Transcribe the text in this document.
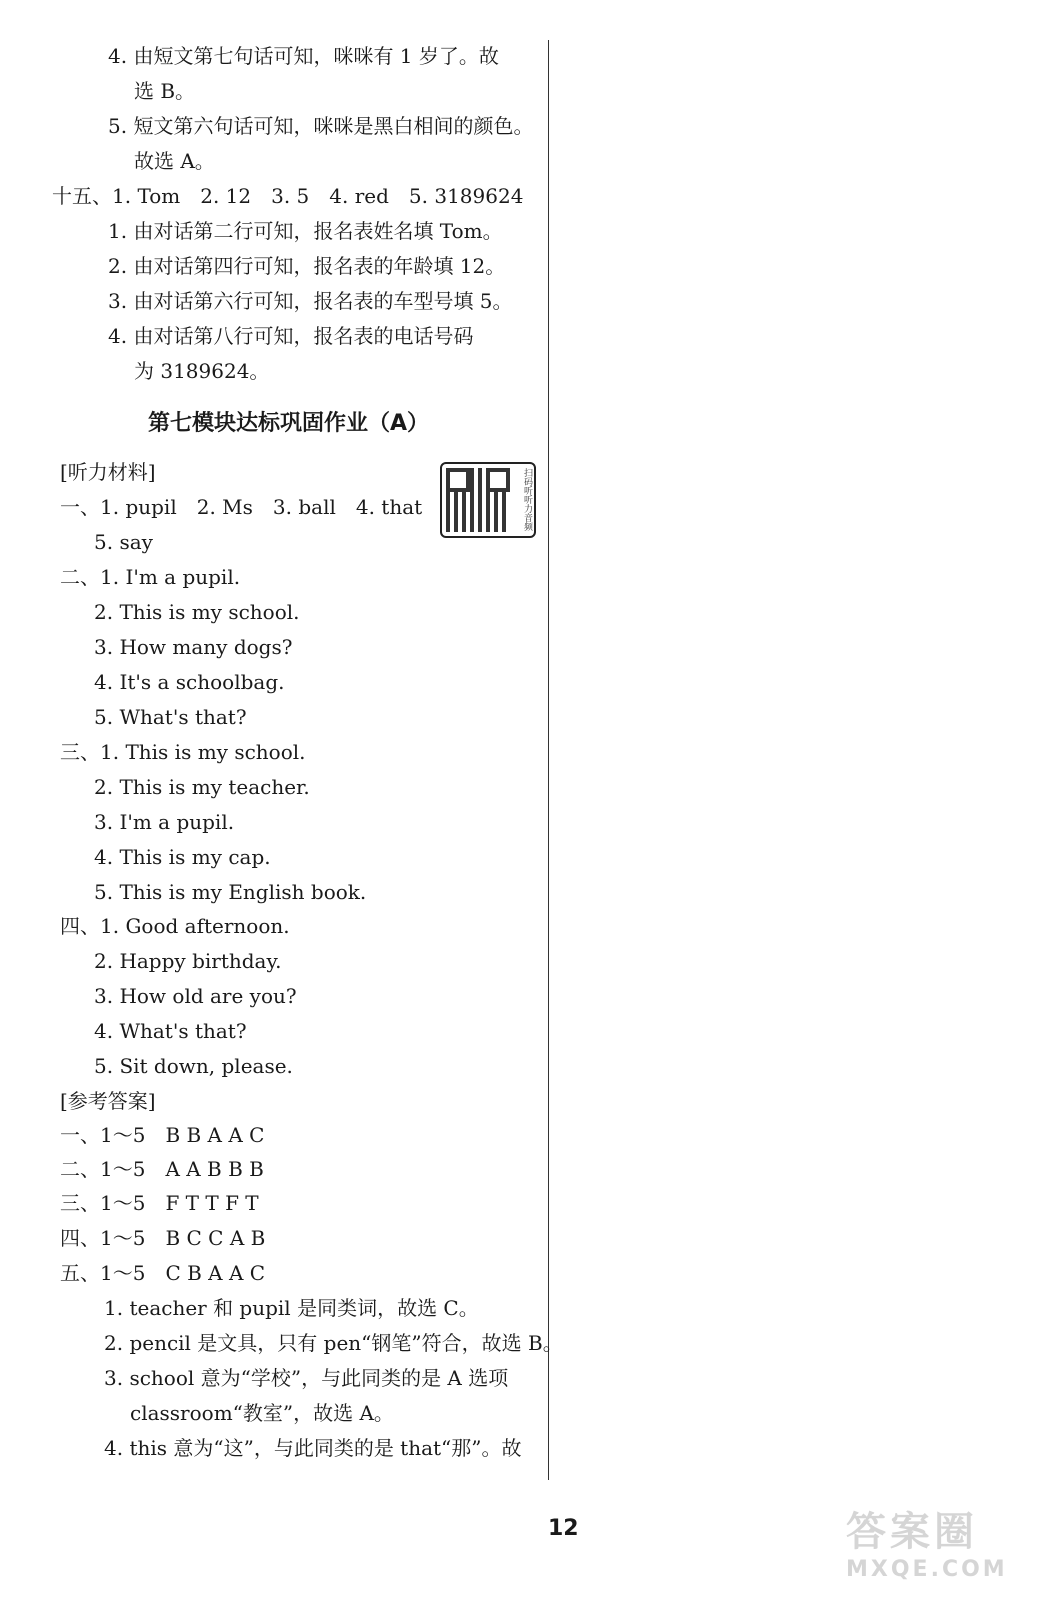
4. 由短文第七句话可知，咪咪有 1 岁了。故
选 B。
5. 短文第六句话可知，咪咪是黑白相间的颜色。
故选 A。
十五、1. Tom　2. 12　3. 5　4. red　5. 3189624
1. 由对话第二行可知，报名表姓名填 Tom。
2. 由对话第四行可知，报名表的年龄填 12。
3. 由对话第六行可知，报名表的车型号填 5。
4. 由对话第八行可知，报名表的电话号码
为 3189624。
[听力材料]
一、1. pupil　2. Ms　3. ball　4. that
5. say
二、1. I'm a pupil.
2. This is my school.
3. How many dogs?
4. It's a schoolbag.
5. What's that?
三、1. This is my school.
2. This is my teacher.
3. I'm a pupil.
4. This is my cap.
5. This is my English book.
四、1. Good afternoon.
2. Happy birthday.
3. How old are you?
4. What's that?
5. Sit down, please.
[参考答案]
一、1～5　B B A A C
二、1～5　A A B B B
三、1～5　F T T F T
四、1～5　B C C A B
五、1～5　C B A A C
1. teacher 和 pupil 是同类词，故选 C。
2. pencil 是文具，只有 pen“钢笔”符合，故选 B。
3. school 意为“学校”，与此同类的是 A 选项
classroom“教室”，故选 A。
4. this 意为“这”，与此同类的是 that“那”。故
第七模块达标巩固作业（A）
扫码听听力音频
12	答案圈
MXQE.COM
